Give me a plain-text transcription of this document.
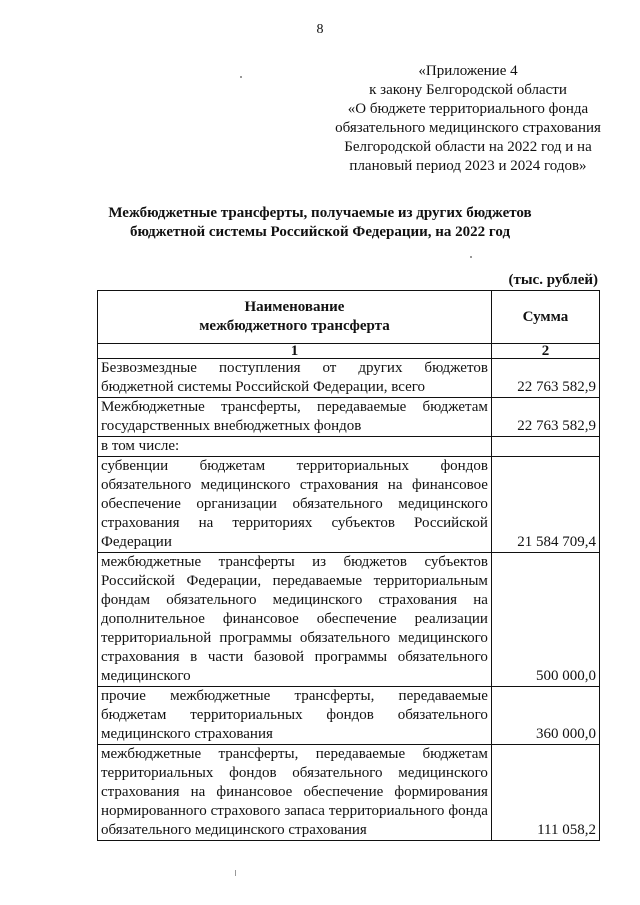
8
«Приложение 4
к закону Белгородской области
«О бюджете территориального фонда
обязательного медицинского страхования
Белгородской области на 2022 год и на
плановый период 2023 и 2024 годов»
Межбюджетные трансферты, получаемые из других бюджетов
бюджетной системы Российской Федерации, на 2022 год
(тыс. рублей)
Наименование
межбюджетного трансферта	Сумма
1	2
Безвозмездные поступления от других бюджетов бюджетной системы Российской Федерации, всего	22 763 582,9
Межбюджетные трансферты, передаваемые бюджетам государственных внебюджетных фондов	22 763 582,9
в том числе:	
субвенции бюджетам территориальных фондов обязательного медицинского страхования на финансовое обеспечение организации обязательного медицинского страхования на территориях субъектов Российской Федерации	21 584 709,4
межбюджетные трансферты из бюджетов субъектов Российской Федерации, передаваемые территориальным фондам обязательного медицинского страхования на дополнительное финансовое обеспечение реализации территориальной программы обязательного медицинского страхования в части базовой программы обязательного медицинского	500 000,0
прочие межбюджетные трансферты, передаваемые бюджетам территориальных фондов обязательного медицинского страхования	360 000,0
межбюджетные трансферты, передаваемые бюджетам территориальных фондов обязательного медицинского страхования на финансовое обеспечение формирования нормированного страхового запаса территориального фонда обязательного медицинского страхования	111 058,2
